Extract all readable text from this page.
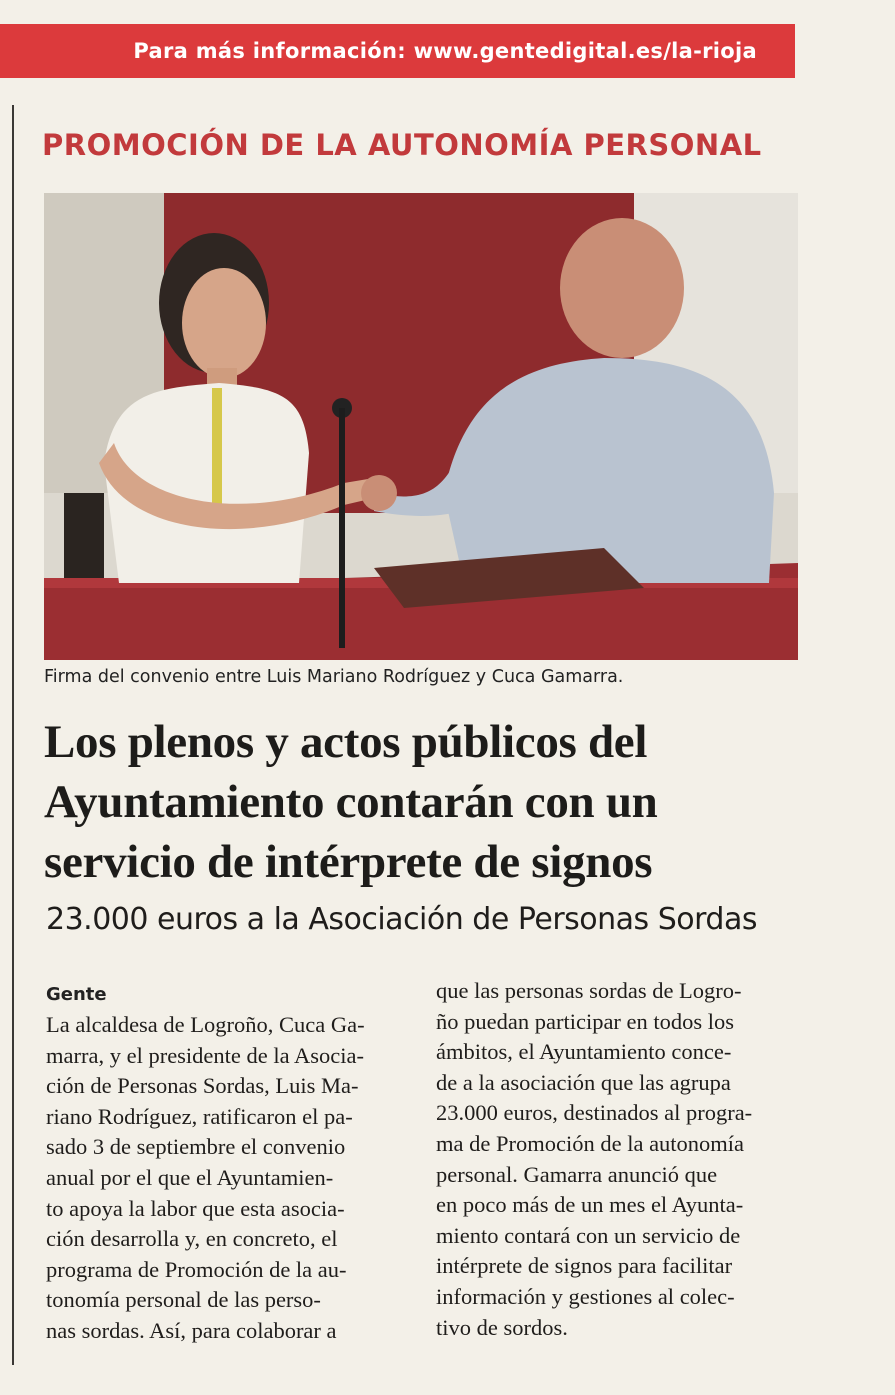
Para más información: www.gentedigital.es/la-rioja
PROMOCIÓN DE LA AUTONOMÍA PERSONAL
Firma del convenio entre Luis Mariano Rodríguez y Cuca Gamarra.
Los plenos y actos públicos del
Ayuntamiento contarán con un
servicio de intérprete de signos
23.000 euros a la Asociación de Personas Sordas
Gente
La alcaldesa de Logroño, Cuca Ga-
marra, y el presidente de la Asocia-
ción de Personas Sordas, Luis Ma-
riano Rodríguez, ratificaron el pa-
sado 3 de septiembre el convenio
anual por el que el Ayuntamien-
to apoya la labor que esta asocia-
ción desarrolla y, en concreto, el
programa de Promoción de la au-
tonomía personal de las perso-
nas sordas. Así, para colaborar a
que las personas sordas de Logro-
ño puedan participar en todos los
ámbitos, el Ayuntamiento conce-
de a la asociación que las agrupa
23.000 euros, destinados al progra-
ma de Promoción de la autonomía
personal. Gamarra anunció que
en poco más de un mes el Ayunta-
miento contará con un servicio de
intérprete de signos para facilitar
información y gestiones al colec-
tivo de sordos.
